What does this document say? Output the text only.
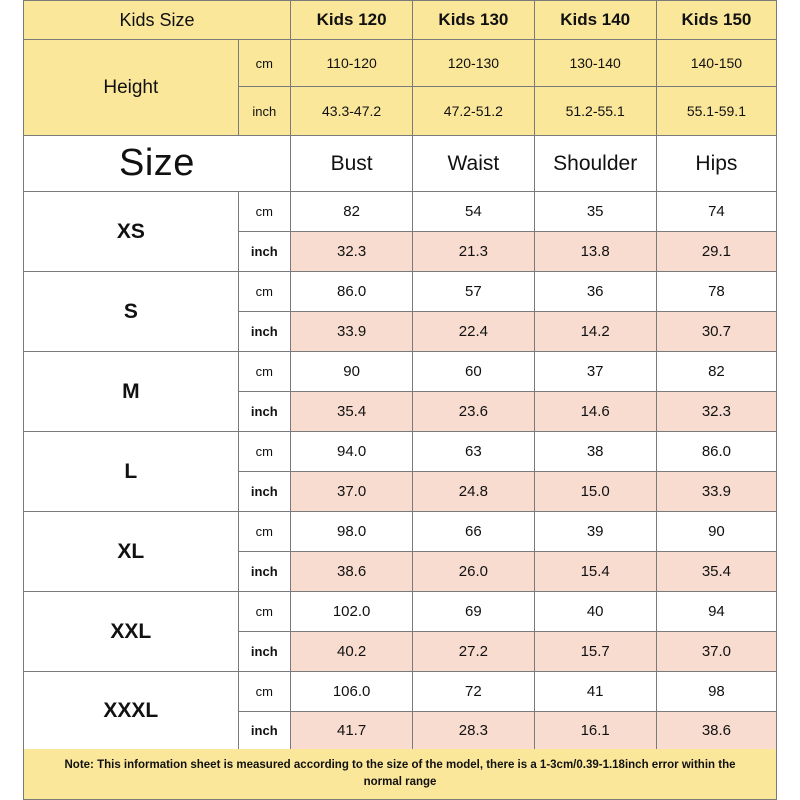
Kids Size		Kids 120	Kids 130	Kids 140	Kids 150
Height	cm	110-120	120-130	130-140	140-150
	inch	43.3-47.2	47.2-51.2	51.2-55.1	55.1-59.1
Size		Bust	Waist	Shoulder	Hips
XS	cm	82	54	35	74
	inch	32.3	21.3	13.8	29.1
S	cm	86.0	57	36	78
	inch	33.9	22.4	14.2	30.7
M	cm	90	60	37	82
	inch	35.4	23.6	14.6	32.3
L	cm	94.0	63	38	86.0
	inch	37.0	24.8	15.0	33.9
XL	cm	98.0	66	39	90
	inch	38.6	26.0	15.4	35.4
XXL	cm	102.0	69	40	94
	inch	40.2	27.2	15.7	37.0
XXXL	cm	106.0	72	41	98
	inch	41.7	28.3	16.1	38.6
Note: This information sheet is measured according to the size of the model, there is a 1-3cm/0.39-1.18inch error within the normal range
